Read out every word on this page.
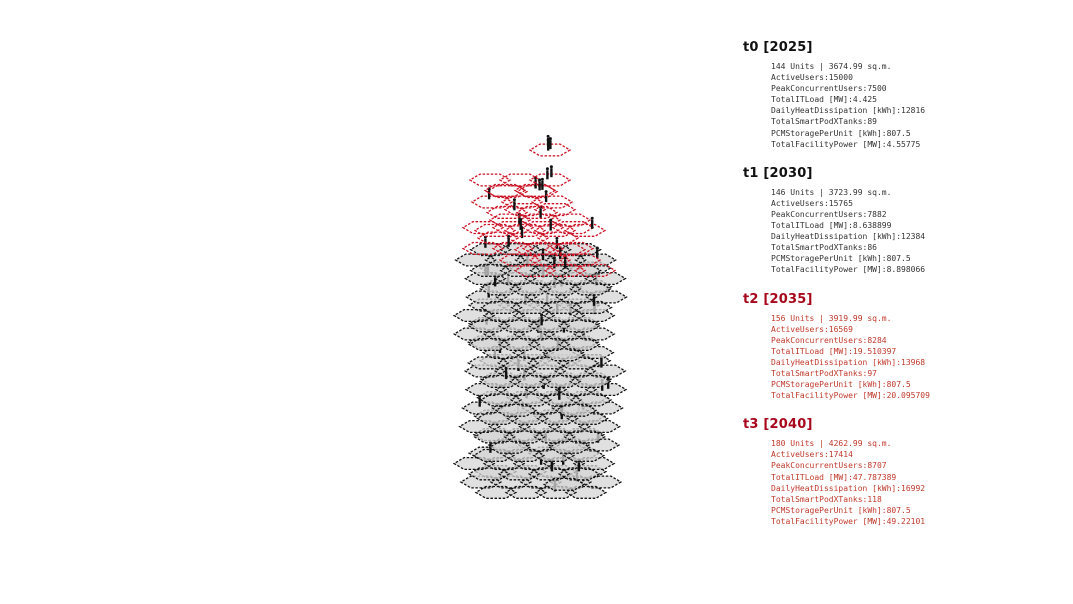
t0 [2025]
144 Units | 3674.99 sq.m.
ActiveUsers:15000
PeakConcurrentUsers:7500
TotalITLoad [MW]:4.425
DailyHeatDissipation [kWh]:12816
TotalSmartPodXTanks:89
PCMStoragePerUnit [kWh]:807.5
TotalFacilityPower [MW]:4.55775
t1 [2030]
146 Units | 3723.99 sq.m.
ActiveUsers:15765
PeakConcurrentUsers:7882
TotalITLoad [MW]:8.638899
DailyHeatDissipation [kWh]:12384
TotalSmartPodXTanks:86
PCMStoragePerUnit [kWh]:807.5
TotalFacilityPower [MW]:8.898066
t2 [2035]
156 Units | 3919.99 sq.m.
ActiveUsers:16569
PeakConcurrentUsers:8284
TotalITLoad [MW]:19.510397
DailyHeatDissipation [kWh]:13968
TotalSmartPodXTanks:97
PCMStoragePerUnit [kWh]:807.5
TotalFacilityPower [MW]:20.095709
t3 [2040]
180 Units | 4262.99 sq.m.
ActiveUsers:17414
PeakConcurrentUsers:8707
TotalITLoad [MW]:47.787389
DailyHeatDissipation [kWh]:16992
TotalSmartPodXTanks:118
PCMStoragePerUnit [kWh]:807.5
TotalFacilityPower [MW]:49.22101
